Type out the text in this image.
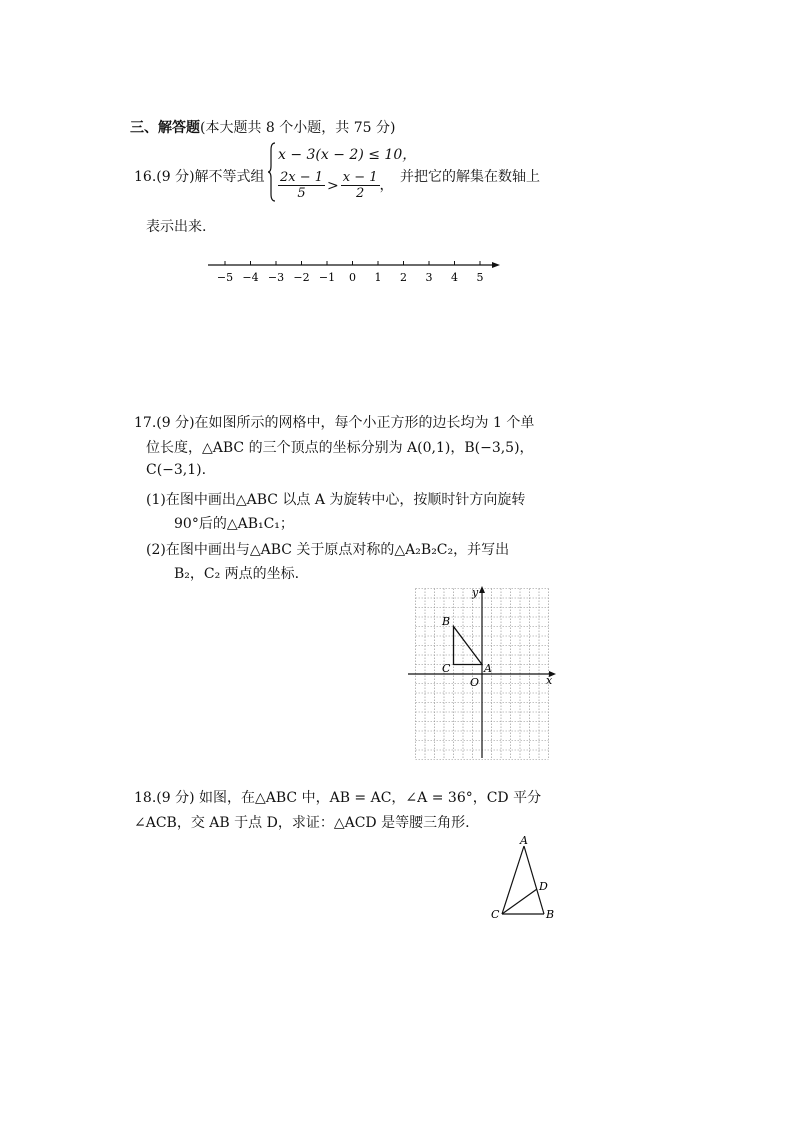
三、解答题(本大题共 8 个小题，共 75 分)
16.(9 分)解不等式组
x − 3(x − 2) ≤ 10，
$\frac{2x - 1}{5} > \frac{x - 1}{2}$ ，
并把它的解集在数轴上
表示出来.
−5 −4 −3 −2 −1 0 1 2 3 4 5
17.(9 分)在如图所示的网格中，每个小正方形的边长均为 1 个单
位长度，△ABC 的三个顶点的坐标分别为 A(0,1)，B(−3,5)，
C(−3,1).
(1)在图中画出△ABC 以点 A 为旋转中心，按顺时针方向旋转
90°后的△AB₁C₁；
(2)在图中画出与△ABC 关于原点对称的△A₂B₂C₂，并写出
B₂，C₂ 两点的坐标.
B
C	A
O	x
y
18.(9 分) 如图，在△ABC 中，AB = AC，∠A = 36°，CD 平分
∠ACB，交 AB 于点 D，求证：△ACD 是等腰三角形.
A
C	B
D
